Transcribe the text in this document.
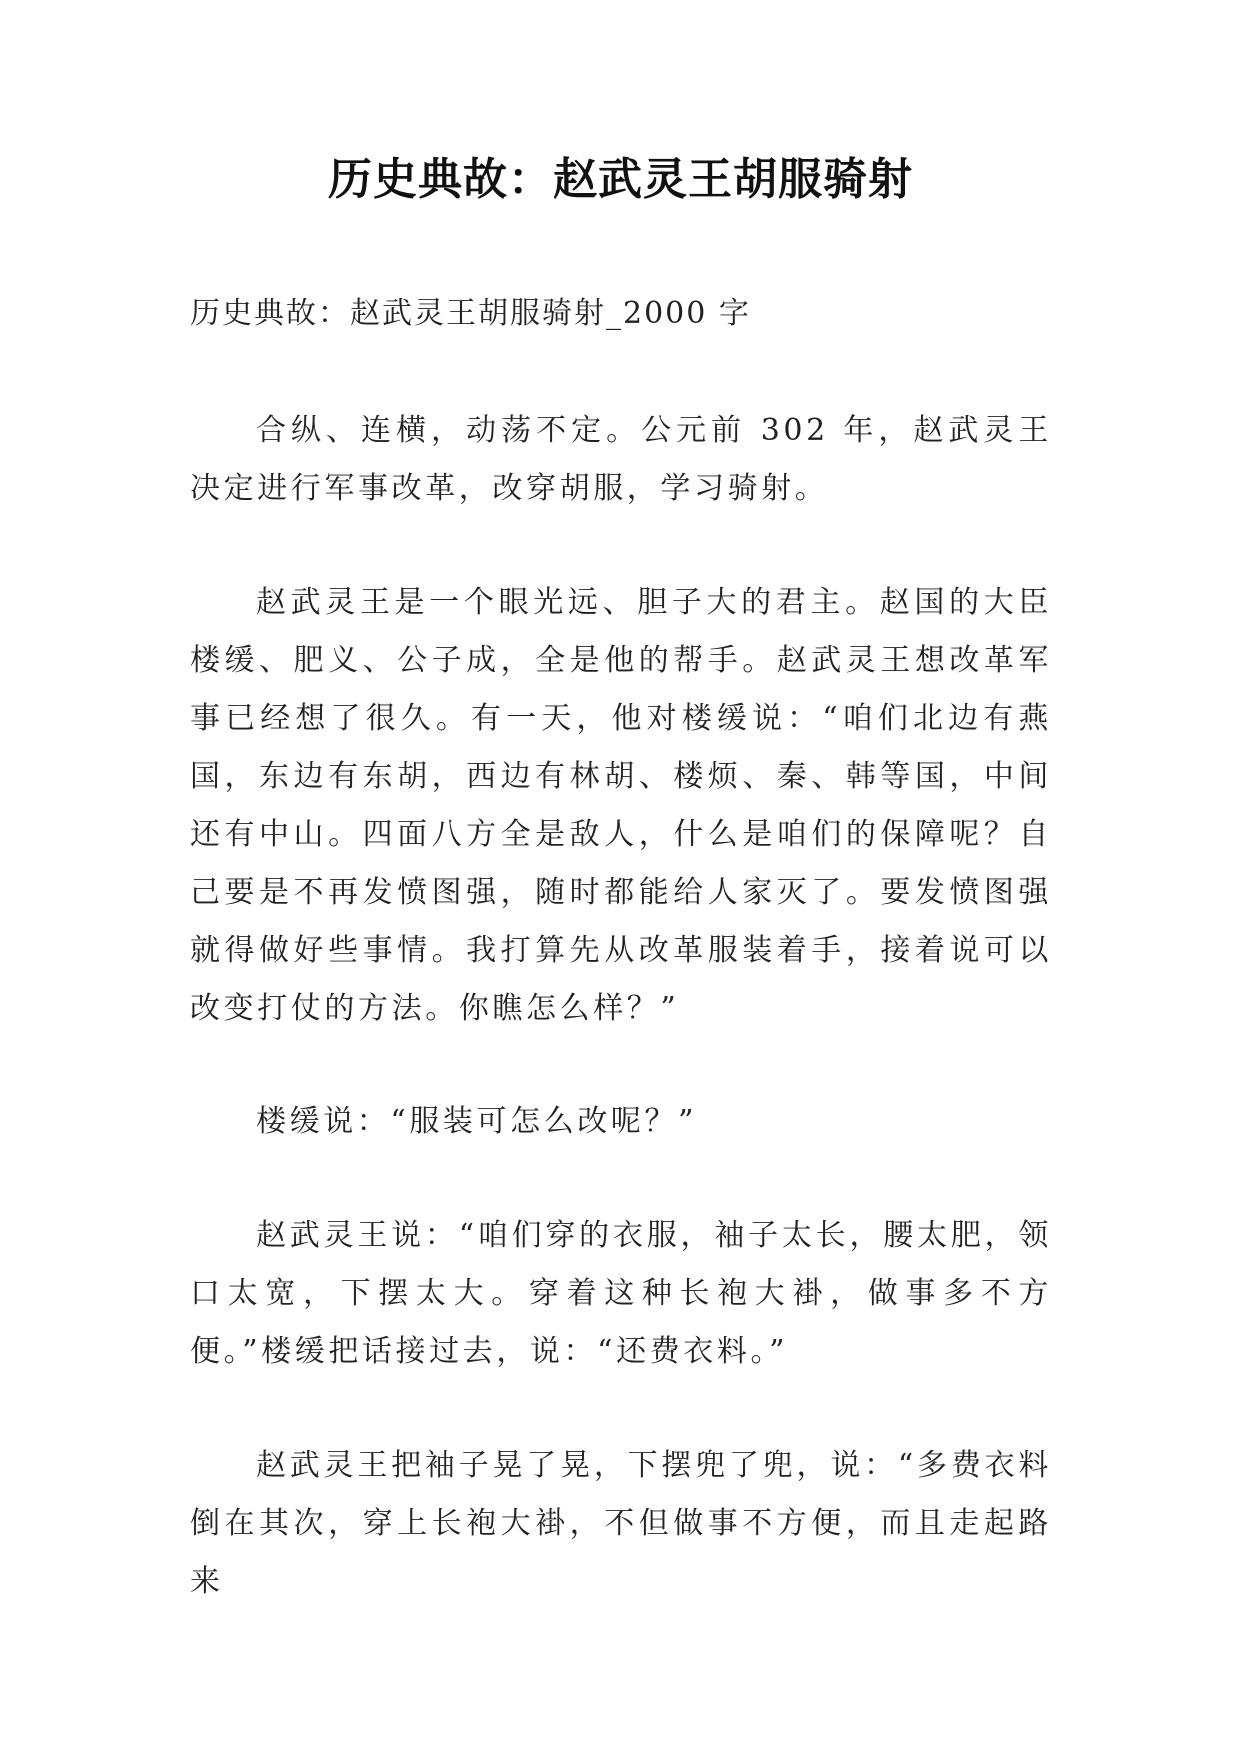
历史典故：赵武灵王胡服骑射

历史典故：赵武灵王胡服骑射_2000 字

合纵、连横，动荡不定。公元前 302 年，赵武灵王决定进行军事改革，改穿胡服，学习骑射。

赵武灵王是一个眼光远、胆子大的君主。赵国的大臣楼缓、肥义、公子成，全是他的帮手。赵武灵王想改革军事已经想了很久。有一天，他对楼缓说：“咱们北边有燕国，东边有东胡，西边有林胡、楼烦、秦、韩等国，中间还有中山。四面八方全是敌人，什么是咱们的保障呢？自己要是不再发愤图强，随时都能给人家灭了。要发愤图强就得做好些事情。我打算先从改革服装着手，接着说可以改变打仗的方法。你瞧怎么样？”

楼缓说：“服装可怎么改呢？”

赵武灵王说：“咱们穿的衣服，袖子太长，腰太肥，领口太宽，下摆太大。穿着这种长袍大褂，做事多不方便。”楼缓把话接过去，说：“还费衣料。”

赵武灵王把袖子晃了晃，下摆兜了兜，说：“多费衣料倒在其次，穿上长袍大褂，不但做事不方便，而且走起路来
